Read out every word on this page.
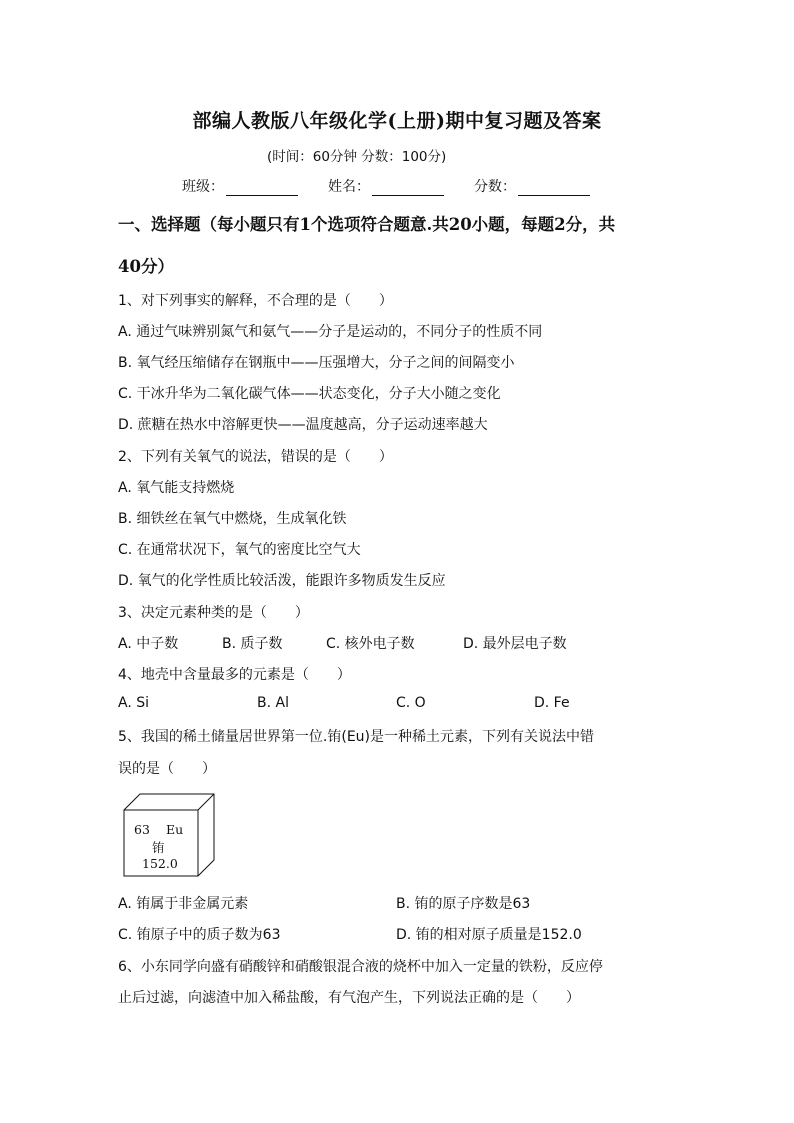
部编人教版八年级化学(上册)期中复习题及答案
(时间：60分钟 分数：100分)
班级：	姓名：	分数：
一、选择题（每小题只有1个选项符合题意.共20小题，每题2分，共
40分）
1、对下列事实的解释，不合理的是（　　）
A. 通过气味辨别氮气和氨气——分子是运动的，不同分子的性质不同
B. 氧气经压缩储存在钢瓶中——压强增大，分子之间的间隔变小
C. 干冰升华为二氧化碳气体——状态变化，分子大小随之变化
D. 蔗糖在热水中溶解更快——温度越高，分子运动速率越大
2、下列有关氧气的说法，错误的是（　　）
A. 氧气能支持燃烧
B. 细铁丝在氧气中燃烧，生成氧化铁
C. 在通常状况下，氧气的密度比空气大
D. 氧气的化学性质比较活泼，能跟许多物质发生反应
3、决定元素种类的是（　　）
A. 中子数	B. 质子数	C. 核外电子数	D. 最外层电子数
4、地壳中含量最多的元素是（　　）
A. Si	B. Al	C. O	D. Fe
5、我国的稀土储量居世界第一位.铕(Eu)是一种稀土元素，下列有关说法中错
误的是（　　）
63 Eu
铕
152.0
A. 铕属于非金属元素	B. 铕的原子序数是63
C. 铕原子中的质子数为63	D. 铕的相对原子质量是152.0
6、小东同学向盛有硝酸锌和硝酸银混合液的烧杯中加入一定量的铁粉，反应停
止后过滤，向滤渣中加入稀盐酸，有气泡产生，下列说法正确的是（　　）
